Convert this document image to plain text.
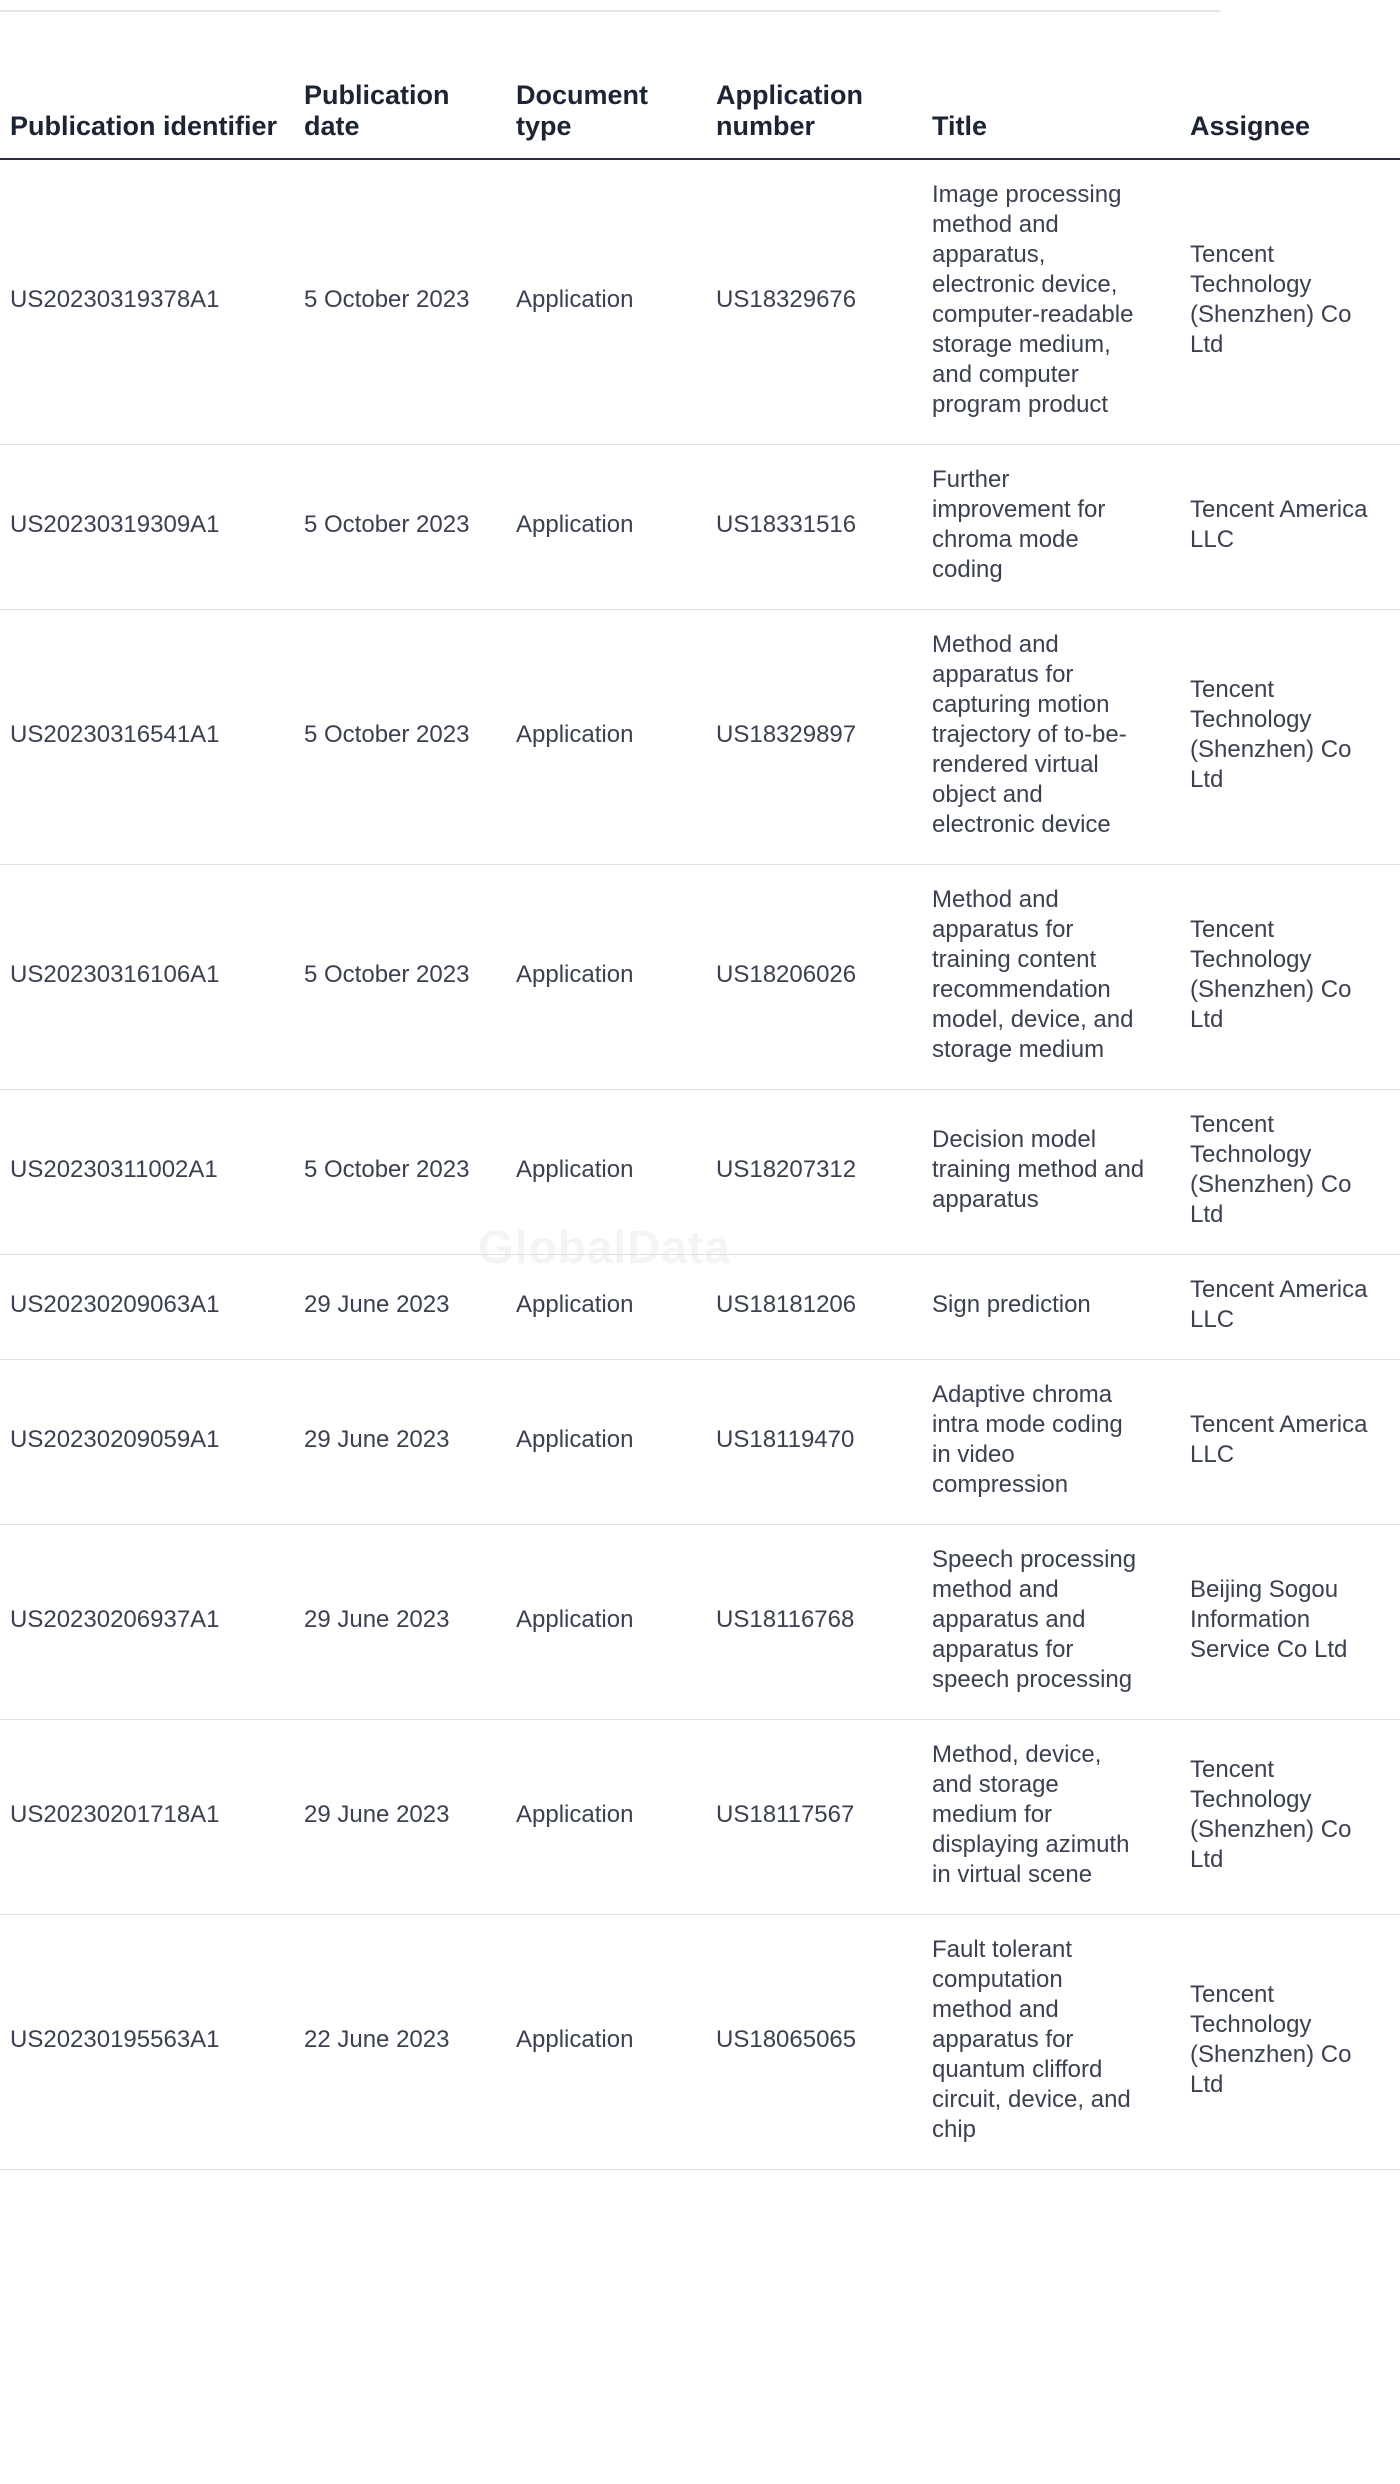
GlobalData
Publication identifier	Publication date	Document type	Application number	Title	Assignee
US20230319378A1	5 October 2023	Application	US18329676	Image processing method and apparatus, electronic device, computer-readable storage medium, and computer program product	Tencent Technology (Shenzhen) Co Ltd
US20230319309A1	5 October 2023	Application	US18331516	Further improvement for chroma mode coding	Tencent America LLC
US20230316541A1	5 October 2023	Application	US18329897	Method and apparatus for capturing motion trajectory of to-be-rendered virtual object and electronic device	Tencent Technology (Shenzhen) Co Ltd
US20230316106A1	5 October 2023	Application	US18206026	Method and apparatus for training content recommendation model, device, and storage medium	Tencent Technology (Shenzhen) Co Ltd
US20230311002A1	5 October 2023	Application	US18207312	Decision model training method and apparatus	Tencent Technology (Shenzhen) Co Ltd
US20230209063A1	29 June 2023	Application	US18181206	Sign prediction	Tencent America LLC
US20230209059A1	29 June 2023	Application	US18119470	Adaptive chroma intra mode coding in video compression	Tencent America LLC
US20230206937A1	29 June 2023	Application	US18116768	Speech processing method and apparatus and apparatus for speech processing	Beijing Sogou Information Service Co Ltd
US20230201718A1	29 June 2023	Application	US18117567	Method, device, and storage medium for displaying azimuth in virtual scene	Tencent Technology (Shenzhen) Co Ltd
US20230195563A1	22 June 2023	Application	US18065065	Fault tolerant computation method and apparatus for quantum clifford circuit, device, and chip	Tencent Technology (Shenzhen) Co Ltd
